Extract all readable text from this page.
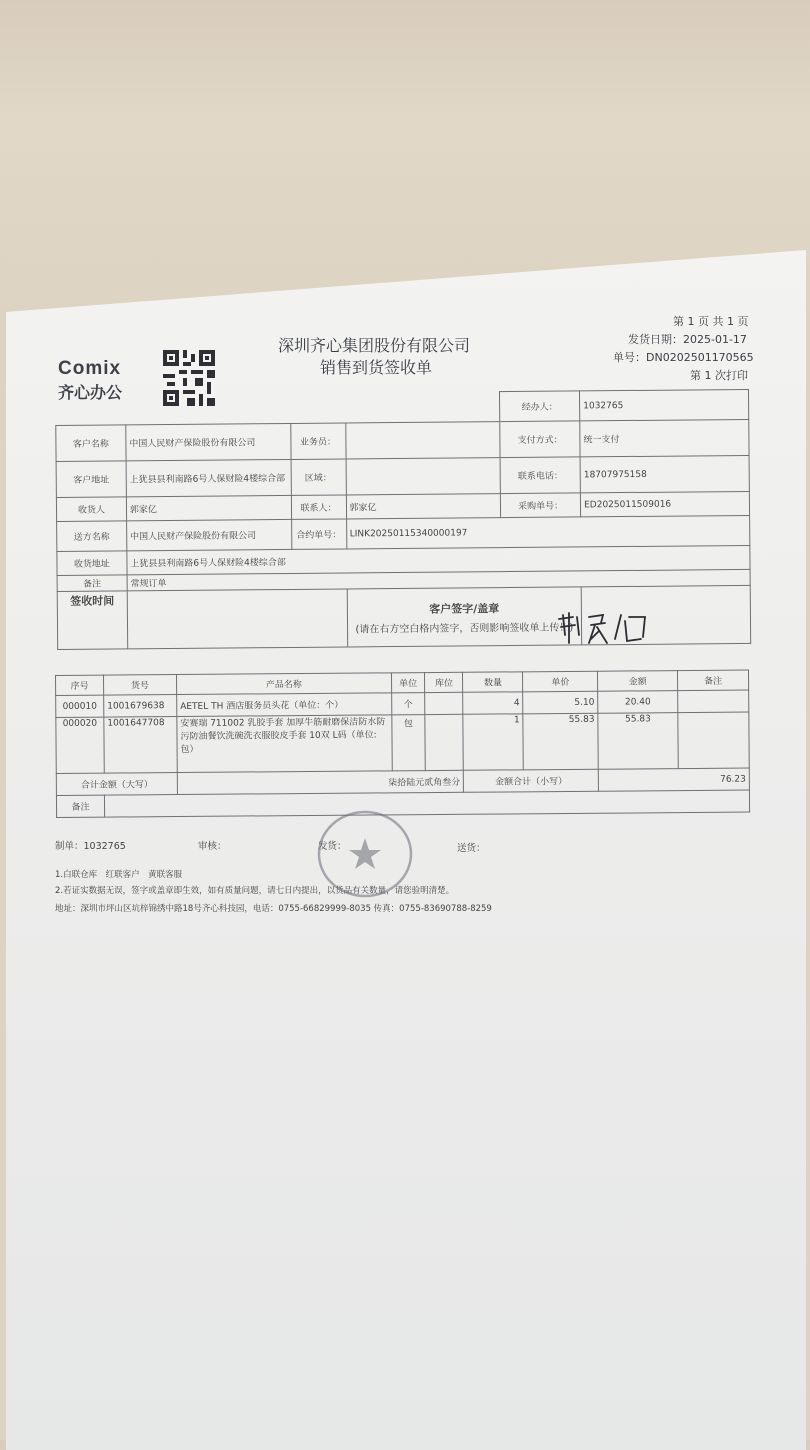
Comix
齐心办公
深圳齐心集团股份有限公司
销售到货签收单
第 1 页 共 1 页
发货日期：2025-01-17
单号：DN0202501170565
第 1 次打印
				经办人：	1032765
客户名称	中国人民财产保险股份有限公司	业务员：		支付方式：	统一支付
客户地址	上犹县县利南路6号人保财险4楼综合部	区域：		联系电话：	18707975158
收货人	郭家亿	联系人：	郭家亿	采购单号：	ED2025011509016
送方名称	中国人民财产保险股份有限公司	合约单号：	LINK20250115340000197		
收货地址	上犹县县利南路6号人保财险4楼综合部				
备注	常规订单				
签收时间			客户签字/盖章
(请在右方空白格内签字，否则影响签收单上传！)		

序号	货号	产品名称	单位	库位	数量	单价	金额	备注
000010	1001679638	AETEL TH 酒店服务员头花（单位：个）	个		4	5.10	20.40	
000020	1001647708	安赛瑞 711002 乳胶手套 加厚牛筋耐磨保洁防水防污防油餐饮洗碗洗衣服胶皮手套 10双 L码（单位:包）	包		1	55.83	55.83	
合计金额（大写）		柒拾陆元贰角叁分			金额合计（小写）		76.23	
备注								
制单：1032765	审核：	发货：	送货：
1.白联仓库　红联客户　黄联客服
2.若证实数据无误，签字或盖章即生效，如有质量问题，请七日内提出，以货品有关数量，请您验明清楚。
地址：深圳市坪山区坑梓锦绣中路18号齐心科技园，电话：0755-66829999-8035 传真：0755-83690788-8259
